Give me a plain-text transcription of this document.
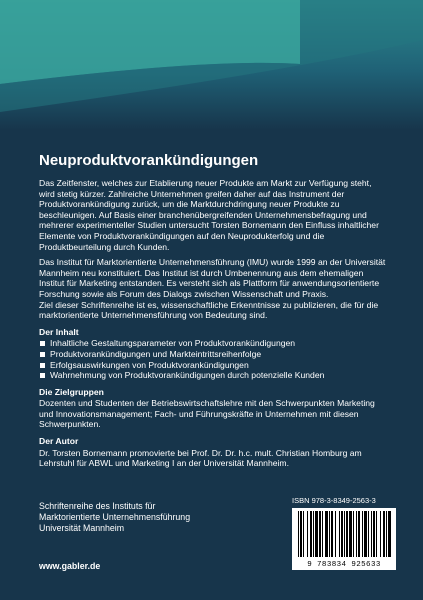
Neuproduktvorankündigungen

Das Zeitfenster, welches zur Etablierung neuer Produkte am Markt zur Verfügung steht, wird stetig kürzer. Zahlreiche Unternehmen greifen daher auf das Instrument der Produktvorankündigung zurück, um die Marktdurchdringung neuer Produkte zu beschleunigen. Auf Basis einer branchenübergreifenden Unternehmensbefragung und mehrerer experimenteller Studien untersucht Torsten Bornemann den Einfluss inhaltlicher Elemente von Produktvorankündigungen auf den Neuprodukterfolg und die Produktbeurteilung durch Kunden.

Das Institut für Marktorientierte Unternehmensführung (IMU) wurde 1999 an der Universität Mannheim neu konstituiert. Das Institut ist durch Umbenennung aus dem ehemaligen Institut für Marketing entstanden. Es versteht sich als Plattform für anwendungsorientierte Forschung sowie als Forum des Dialogs zwischen Wissenschaft und Praxis.

Ziel dieser Schriftenreihe ist es, wissenschaftliche Erkenntnisse zu publizieren, die für die marktorientierte Unternehmensführung von Bedeutung sind.

Der Inhalt
Inhaltliche Gestaltungsparameter von Produktvorankündigungen
Produktvorankündigungen und Markteintrittsreihenfolge
Erfolgsauswirkungen von Produktvorankündigungen
Wahrnehmung von Produktvorankündigungen durch potenzielle Kunden
Die Zielgruppen

Dozenten und Studenten der Betriebswirtschaftslehre mit den Schwerpunkten Marketing und Innovationsmanagement; Fach- und Führungskräfte in Unternehmen mit diesen Schwerpunkten.

Der Autor

Dr. Torsten Bornemann promovierte bei Prof. Dr. Dr. h.c. mult. Christian Homburg am Lehrstuhl für ABWL und Marketing I an der Universität Mannheim.

Schriftenreihe des Instituts für
Marktorientierte Unternehmensführung
Universität Mannheim
ISBN 978-3-8349-2563-3
9 783834 925633
www.gabler.de
